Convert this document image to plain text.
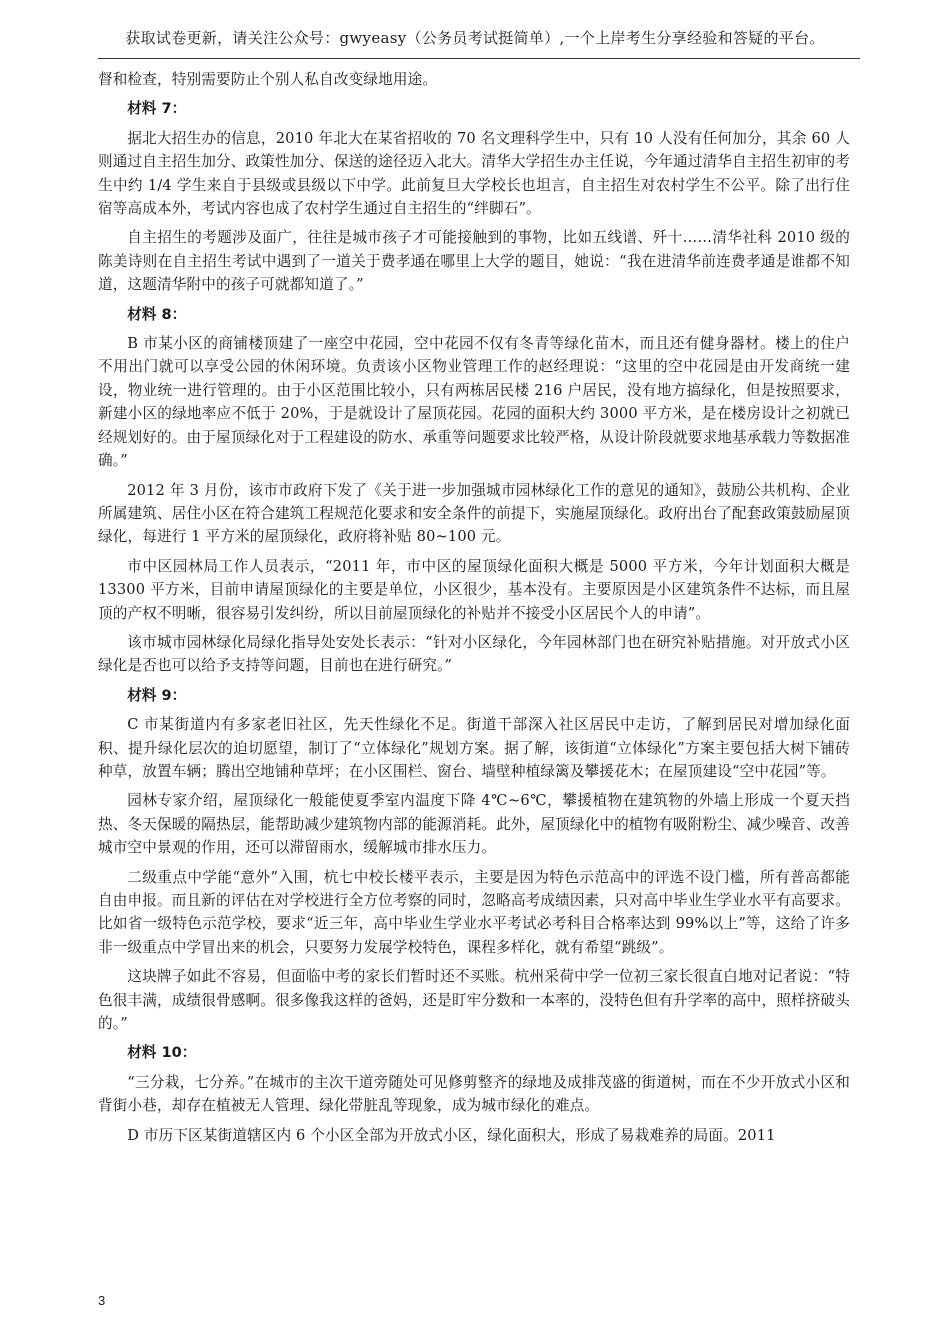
获取试卷更新，请关注公众号：gwyeasy（公务员考试挺简单）,一个上岸考生分享经验和答疑的平台。

督和检查，特别需要防止个别人私自改变绿地用途。

材料 7：

据北大招生办的信息，2010 年北大在某省招收的 70 名文理科学生中，只有 10 人没有任何加分，其余 60 人则通过自主招生加分、政策性加分、保送的途径迈入北大。清华大学招生办主任说，今年通过清华自主招生初审的考生中约 1/4 学生来自于县级或县级以下中学。此前复旦大学校长也坦言，自主招生对农村学生不公平。除了出行住宿等高成本外，考试内容也成了农村学生通过自主招生的“绊脚石”。

自主招生的考题涉及面广，往往是城市孩子才可能接触到的事物，比如五线谱、歼十……清华社科 2010 级的陈美诗则在自主招生考试中遇到了一道关于费孝通在哪里上大学的题目，她说：“我在进清华前连费孝通是谁都不知道，这题清华附中的孩子可就都知道了。”

材料 8：

B 市某小区的商铺楼顶建了一座空中花园，空中花园不仅有冬青等绿化苗木，而且还有健身器材。楼上的住户不用出门就可以享受公园的休闲环境。负责该小区物业管理工作的赵经理说：“这里的空中花园是由开发商统一建设，物业统一进行管理的。由于小区范围比较小，只有两栋居民楼 216 户居民，没有地方搞绿化，但是按照要求，新建小区的绿地率应不低于 20%，于是就设计了屋顶花园。花园的面积大约 3000 平方米，是在楼房设计之初就已经规划好的。由于屋顶绿化对于工程建设的防水、承重等问题要求比较严格，从设计阶段就要求地基承载力等数据准确。”

2012 年 3 月份，该市市政府下发了《关于进一步加强城市园林绿化工作的意见的通知》，鼓励公共机构、企业所属建筑、居住小区在符合建筑工程规范化要求和安全条件的前提下，实施屋顶绿化。政府出台了配套政策鼓励屋顶绿化，每进行 1 平方米的屋顶绿化，政府将补贴 80~100 元。

市中区园林局工作人员表示，“2011 年，市中区的屋顶绿化面积大概是 5000 平方米，今年计划面积大概是 13300 平方米，目前申请屋顶绿化的主要是单位，小区很少，基本没有。主要原因是小区建筑条件不达标，而且屋顶的产权不明晰，很容易引发纠纷，所以目前屋顶绿化的补贴并不接受小区居民个人的申请”。

该市城市园林绿化局绿化指导处安处长表示：“针对小区绿化，今年园林部门也在研究补贴措施。对开放式小区绿化是否也可以给予支持等问题，目前也在进行研究。”

材料 9：

C 市某街道内有多家老旧社区，先天性绿化不足。街道干部深入社区居民中走访，了解到居民对增加绿化面积、提升绿化层次的迫切愿望，制订了“立体绿化”规划方案。据了解，该街道“立体绿化”方案主要包括大树下铺砖种草，放置车辆；腾出空地铺种草坪；在小区围栏、窗台、墙壁种植绿篱及攀援花木；在屋顶建设“空中花园”等。

园林专家介绍，屋顶绿化一般能使夏季室内温度下降 4℃~6℃，攀援植物在建筑物的外墙上形成一个夏天挡热、冬天保暖的隔热层，能帮助减少建筑物内部的能源消耗。此外，屋顶绿化中的植物有吸附粉尘、减少噪音、改善城市空中景观的作用，还可以滞留雨水，缓解城市排水压力。

二级重点中学能“意外”入围，杭七中校长楼平表示，主要是因为特色示范高中的评选不设门槛，所有普高都能自由申报。而且新的评估在对学校进行全方位考察的同时，忽略高考成绩因素，只对高中毕业生学业水平有高要求。比如省一级特色示范学校，要求“近三年，高中毕业生学业水平考试必考科目合格率达到 99%以上”等，这给了许多非一级重点中学冒出来的机会，只要努力发展学校特色，课程多样化，就有希望“跳级”。

这块牌子如此不容易，但面临中考的家长们暂时还不买账。杭州采荷中学一位初三家长很直白地对记者说：“特色很丰满，成绩很骨感啊。很多像我这样的爸妈，还是盯牢分数和一本率的，没特色但有升学率的高中，照样挤破头的。”

材料 10：

“三分栽，七分养。”在城市的主次干道旁随处可见修剪整齐的绿地及成排茂盛的街道树，而在不少开放式小区和背街小巷，却存在植被无人管理、绿化带脏乱等现象，成为城市绿化的难点。

D 市历下区某街道辖区内 6 个小区全部为开放式小区，绿化面积大，形成了易栽难养的局面。2011

3
